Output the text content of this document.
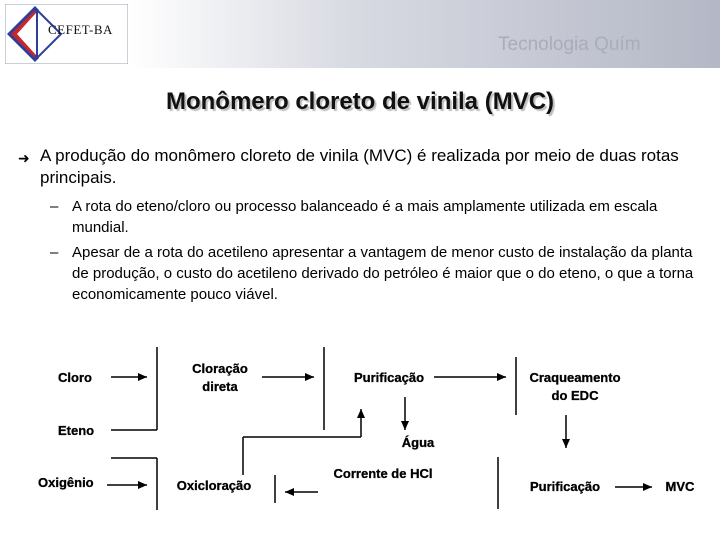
CEFET-BA
Tecnologia Quím
Monômero cloreto de vinila (MVC)
➜ A produção do monômero cloreto de vinila (MVC) é realizada por meio de duas rotas principais.
– A rota do eteno/cloro ou processo balanceado é a mais amplamente utilizada em escala mundial.
– Apesar de a rota do acetileno apresentar a vantagem de menor custo de instalação da planta de produção, o custo do acetileno derivado do petróleo é maior que o do eteno, o que a torna economicamente pouco viável.
Cloro
Eteno
Oxigênio
Cloração
direta
Oxicloração
Purificação
Água
Corrente de HCl
Craqueamento
do EDC
Purificação	MVC
